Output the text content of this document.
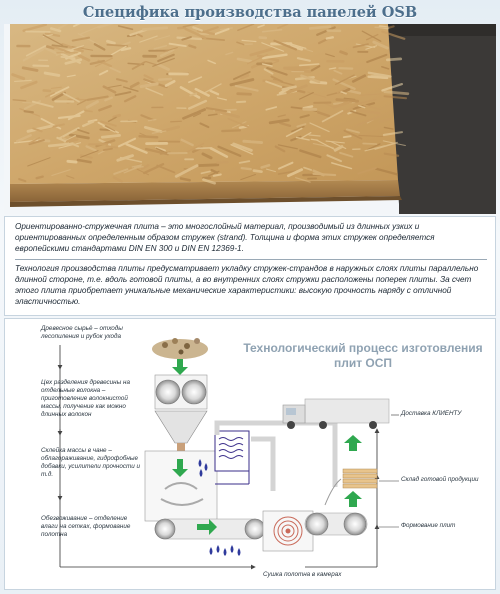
Специфика производства панелей OSB

Ориентированно-стружечная плита – это многослойный материал, производимый из длинных узких и ориентированных определенным образом стружек (strand). Толщина и форма этих стружек определяется европейскими стандартами DIN EN 300 и DIN EN 12369-1.

Технология производства плиты предусматривает укладку стружек-страндов в наружных слоях плиты параллельно длинной стороне, т.е. вдоль готовой плиты, а во внутренних слоях стружки расположены поперек плиты. За счет этого плита приобретает уникальные механические характеристики: высокую прочность наряду с отличной эластичностью.

Технологический процесс изготовления плит ОСП
Древесное сырьё – отходы лесопиления и рубок ухода
Цех разделения древесины на отдельные волокна – приготовление волокнистой массы, получение как можно длинных волокон
Склейка массы в чане – облагораживание, гидрофобные добавки, усилители прочности и т.д.
Обезвоживание – отделение влаги на сетках, формование полотна
Доставка КЛИЕНТУ
Склад готовой продукции
Формование плит
Сушка полотна в камерах
